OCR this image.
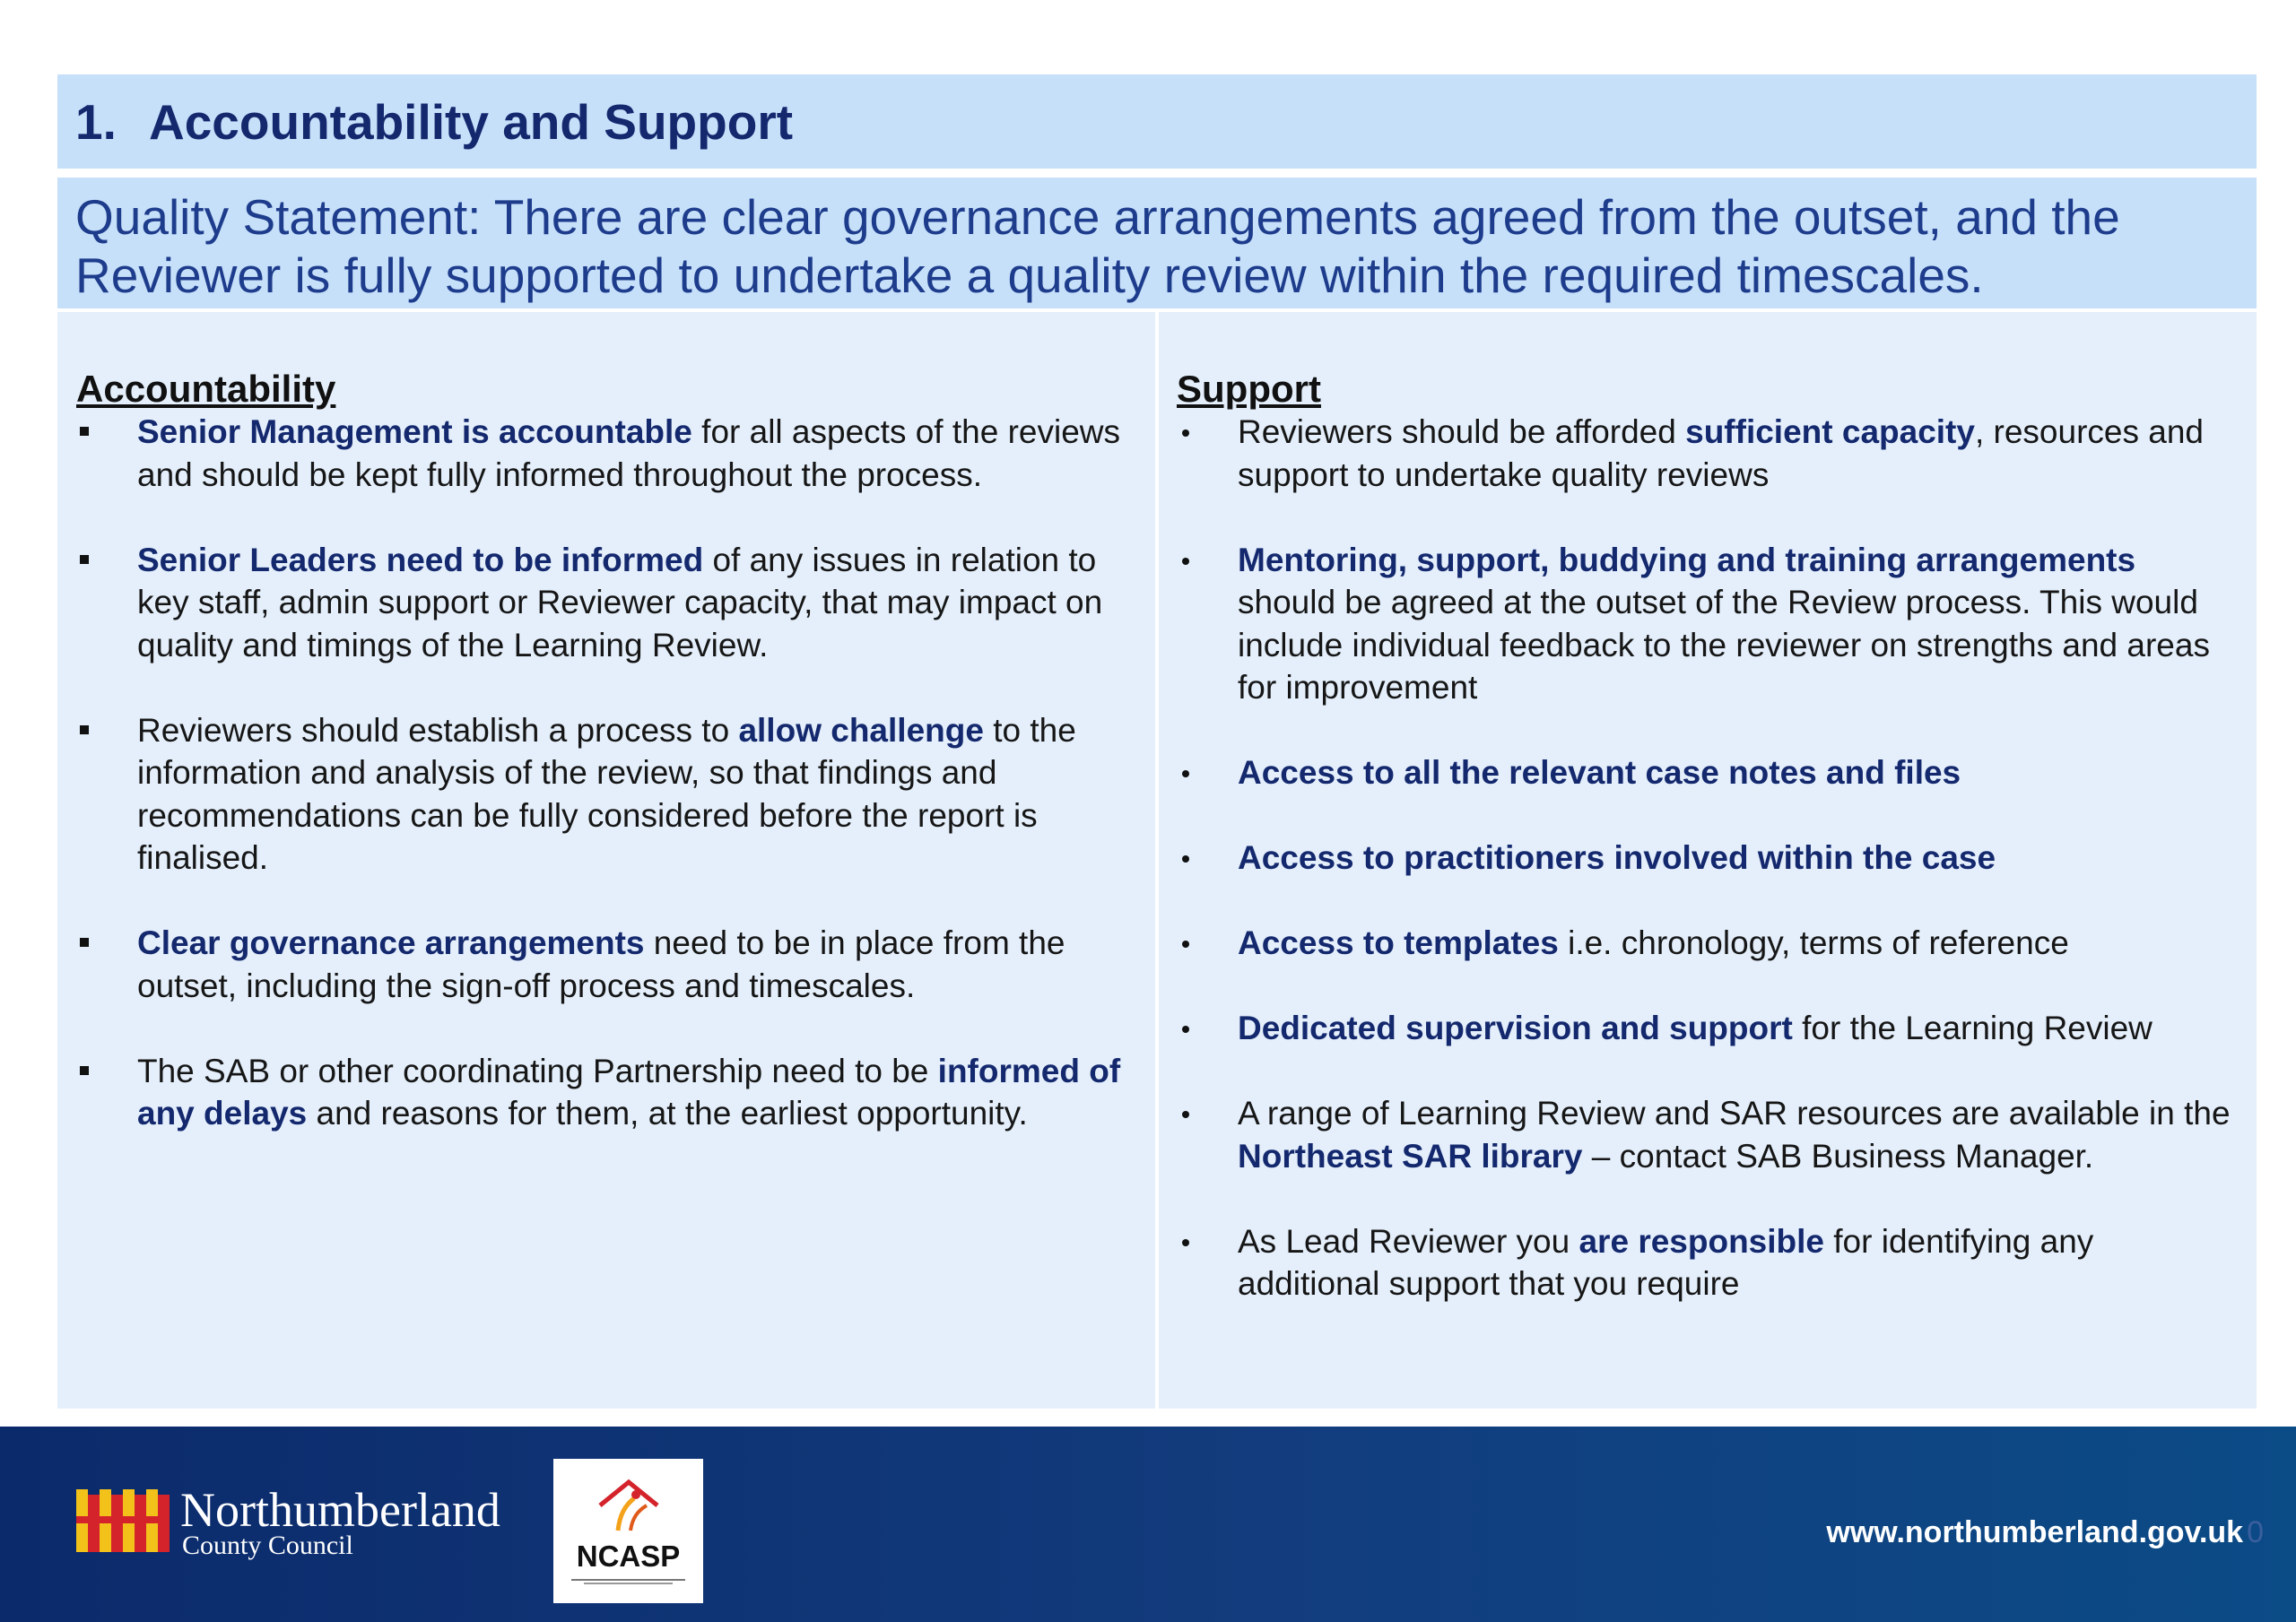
1. Accountability and Support
Quality Statement: There are clear governance arrangements agreed from the outset, and the Reviewer is fully supported to undertake a quality review within the required timescales.
Accountability
Senior Management is accountable for all aspects of the reviews and should be kept fully informed throughout the process.
Senior Leaders need to be informed of any issues in relation to key staff, admin support or Reviewer capacity, that may impact on quality and timings of the Learning Review.
Reviewers should establish a process to allow challenge to the information and analysis of the review, so that findings and recommendations can be fully considered before the report is finalised.
Clear governance arrangements need to be in place from the outset, including the sign-off process and timescales.
The SAB or other coordinating Partnership need to be informed of any delays and reasons for them, at the earliest opportunity.
Support
Reviewers should be afforded sufficient capacity, resources and support to undertake quality reviews
Mentoring, support, buddying and training arrangements should be agreed at the outset of the Review process. This would include individual feedback to the reviewer on strengths and areas for improvement
Access to all the relevant case notes and files
Access to practitioners involved within the case
Access to templates i.e. chronology, terms of reference
Dedicated supervision and support for the Learning Review
A range of Learning Review and SAR resources are available in the Northeast SAR library – contact SAB Business Manager.
As Lead Reviewer you are responsible for identifying any additional support that you require
Northumberland
County Council	NCASP
www.northumberland.gov.uk 0
